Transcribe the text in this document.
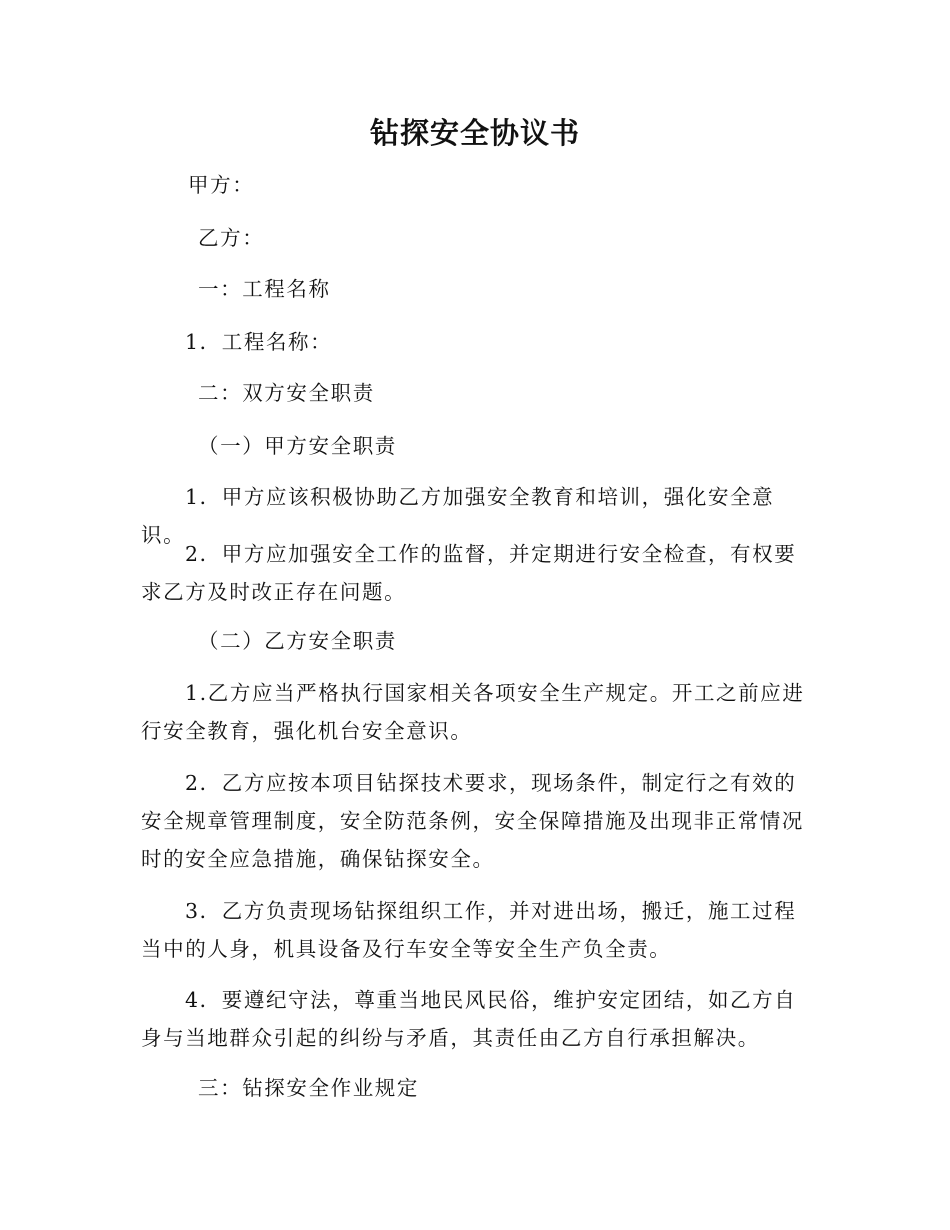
钻探安全协议书
甲方：
乙方：
一：工程名称
1．工程名称：
二：双方安全职责
（一）甲方安全职责
1．甲方应该积极协助乙方加强安全教育和培训，强化安全意识。
2．甲方应加强安全工作的监督，并定期进行安全检查，有权要求乙方及时改正存在问题。
（二）乙方安全职责
1.乙方应当严格执行国家相关各项安全生产规定。开工之前应进行安全教育，强化机台安全意识。
2．乙方应按本项目钻探技术要求，现场条件，制定行之有效的安全规章管理制度，安全防范条例，安全保障措施及出现非正常情况时的安全应急措施，确保钻探安全。
3．乙方负责现场钻探组织工作，并对进出场，搬迁，施工过程当中的人身，机具设备及行车安全等安全生产负全责。
4．要遵纪守法，尊重当地民风民俗，维护安定团结，如乙方自身与当地群众引起的纠纷与矛盾，其责任由乙方自行承担解决。
三：钻探安全作业规定
